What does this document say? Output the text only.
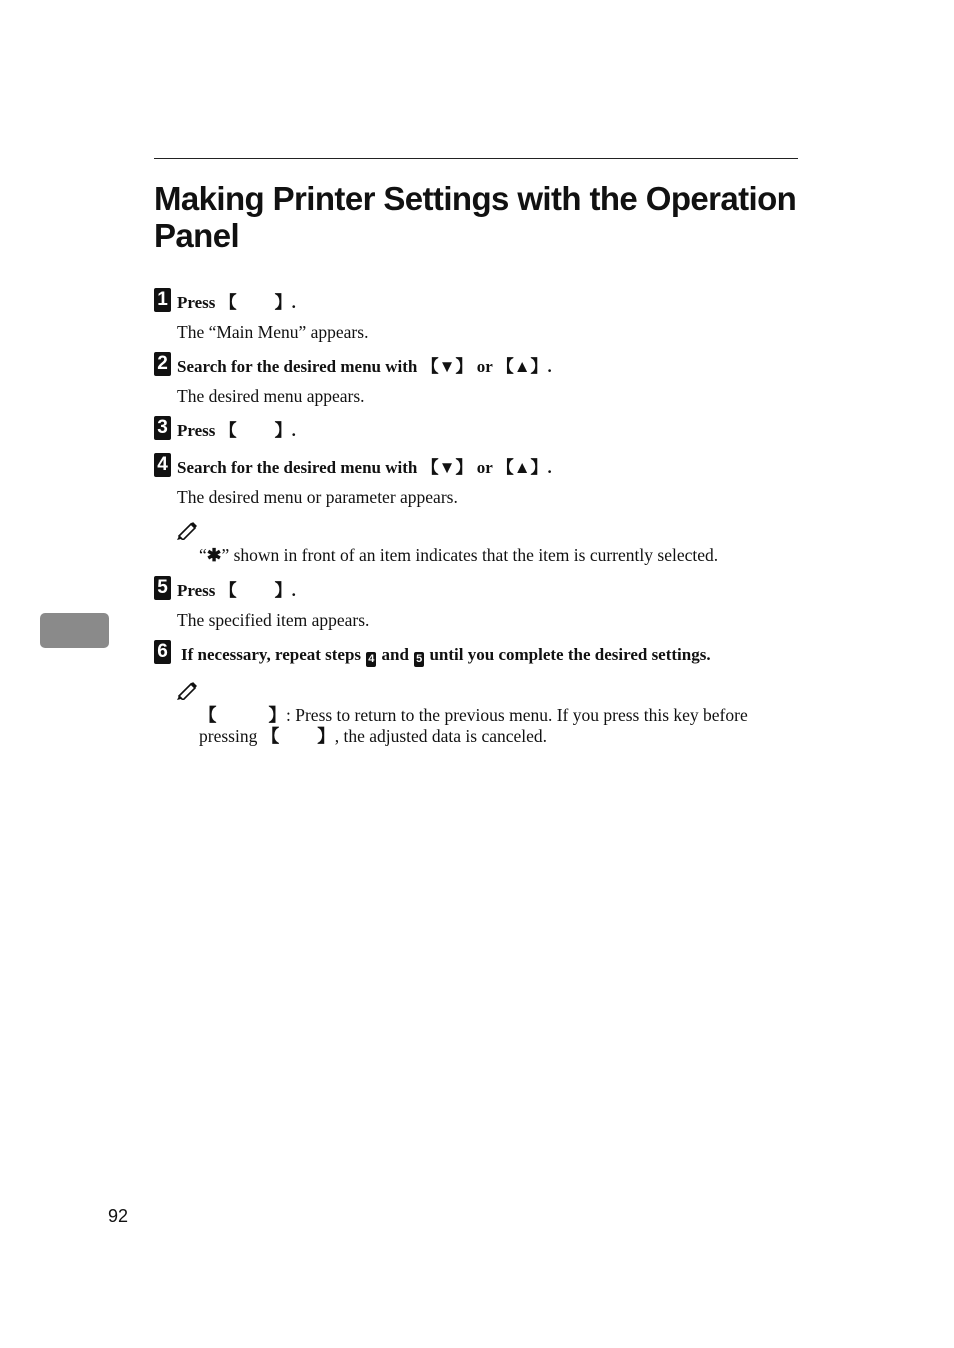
Making Printer Settings with the Operation Panel
1 Press 【 】.
The “Main Menu” appears.
2 Search for the desired menu with 【▼】 or 【▲】.
The desired menu appears.
3 Press 【 】.
4 Search for the desired menu with 【▼】 or 【▲】.
The desired menu or parameter appears.
“✱” shown in front of an item indicates that the item is currently selected.
5 Press 【 】.
The specified item appears.
6 If necessary, repeat steps 4 and 5 until you complete the desired settings.
【	】: Press to return to the previous menu. If you press this key before
pressing 【 】, the adjusted data is canceled.
92
